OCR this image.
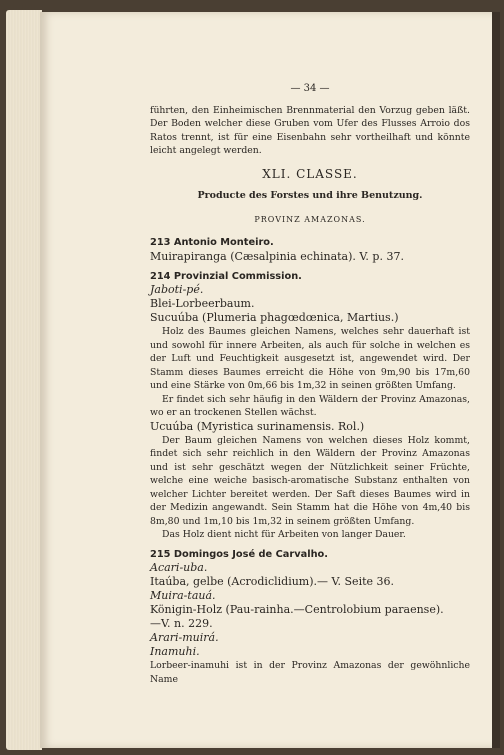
— 34 —

führten, den Einheimischen Brennmaterial den Vorzug geben läßt. Der Boden welcher diese Gruben vom Ufer des Flusses Arroio dos Ratos trennt, ist für eine Eisenbahn sehr vortheilhaft und könnte leicht angelegt werden.

XLI. CLASSE.
Producte des Forstes und ihre Benutzung.
PROVINZ AMAZONAS.
213 Antonio Monteiro.
Muirapiranga (Cæsalpinia echinata). V. p. 37.
214 Provinzial Commission.
Jaboti-pé.
Blei-Lorbeerbaum.
Sucuúba (Plumeria phagœdœnica, Martius.)

Holz des Baumes gleichen Namens, welches sehr dauerhaft ist und sowohl für innere Arbeiten, als auch für solche in welchen es der Luft und Feuchtigkeit ausgesetzt ist, angewendet wird. Der Stamm dieses Baumes erreicht die Höhe von 9m,90 bis 17m,60 und eine Stärke von 0m,66 bis 1m,32 in seinen größten Umfang.

Er findet sich sehr häufig in den Wäldern der Provinz Amazonas, wo er an trockenen Stellen wächst.

Ucuúba (Myristica surinamensis. Rol.)

Der Baum gleichen Namens von welchen dieses Holz kommt, findet sich sehr reichlich in den Wäldern der Provinz Amazonas und ist sehr geschätzt wegen der Nützlichkeit seiner Früchte, welche eine weiche basisch-aromatische Substanz enthalten von welcher Lichter bereitet werden. Der Saft dieses Baumes wird in der Medizin angewandt. Sein Stamm hat die Höhe von 4m,40 bis 8m,80 und 1m,10 bis 1m,32 in seinem größten Umfang.

Das Holz dient nicht für Arbeiten von langer Dauer.

215 Domingos José de Carvalho.
Acari-uba.
Itaúba, gelbe (Acrodiclidium).— V. Seite 36.
Muira-tauá.
Königin-Holz (Pau-rainha.—Centrolobium paraense).
—V. n. 229.
Arari-muirá.
Inamuhi.

Lorbeer-inamuhi ist in der Provinz Amazonas der gewöhnliche Name
